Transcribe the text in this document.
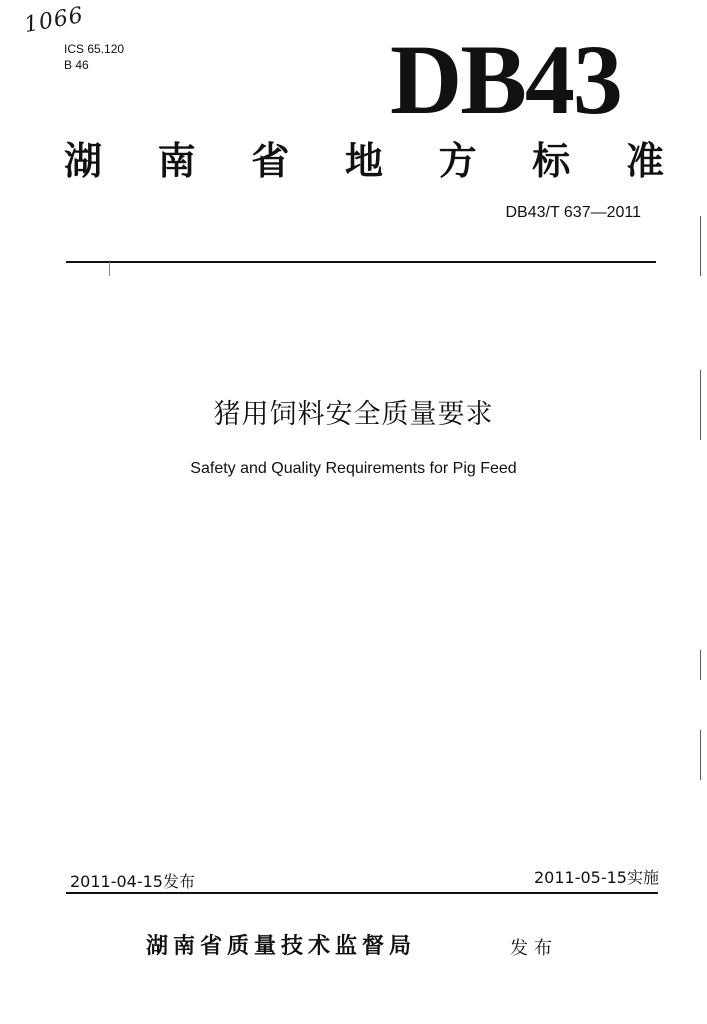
1066
ICS 65.120
B 46	DB43
湖 南 省 地 方 标 准
DB43/T 637—2011
猪用饲料安全质量要求
Safety and Quality Requirements for Pig Feed
2011-04-15发布	2011-05-15实施
湖南省质量技术监督局	发布
